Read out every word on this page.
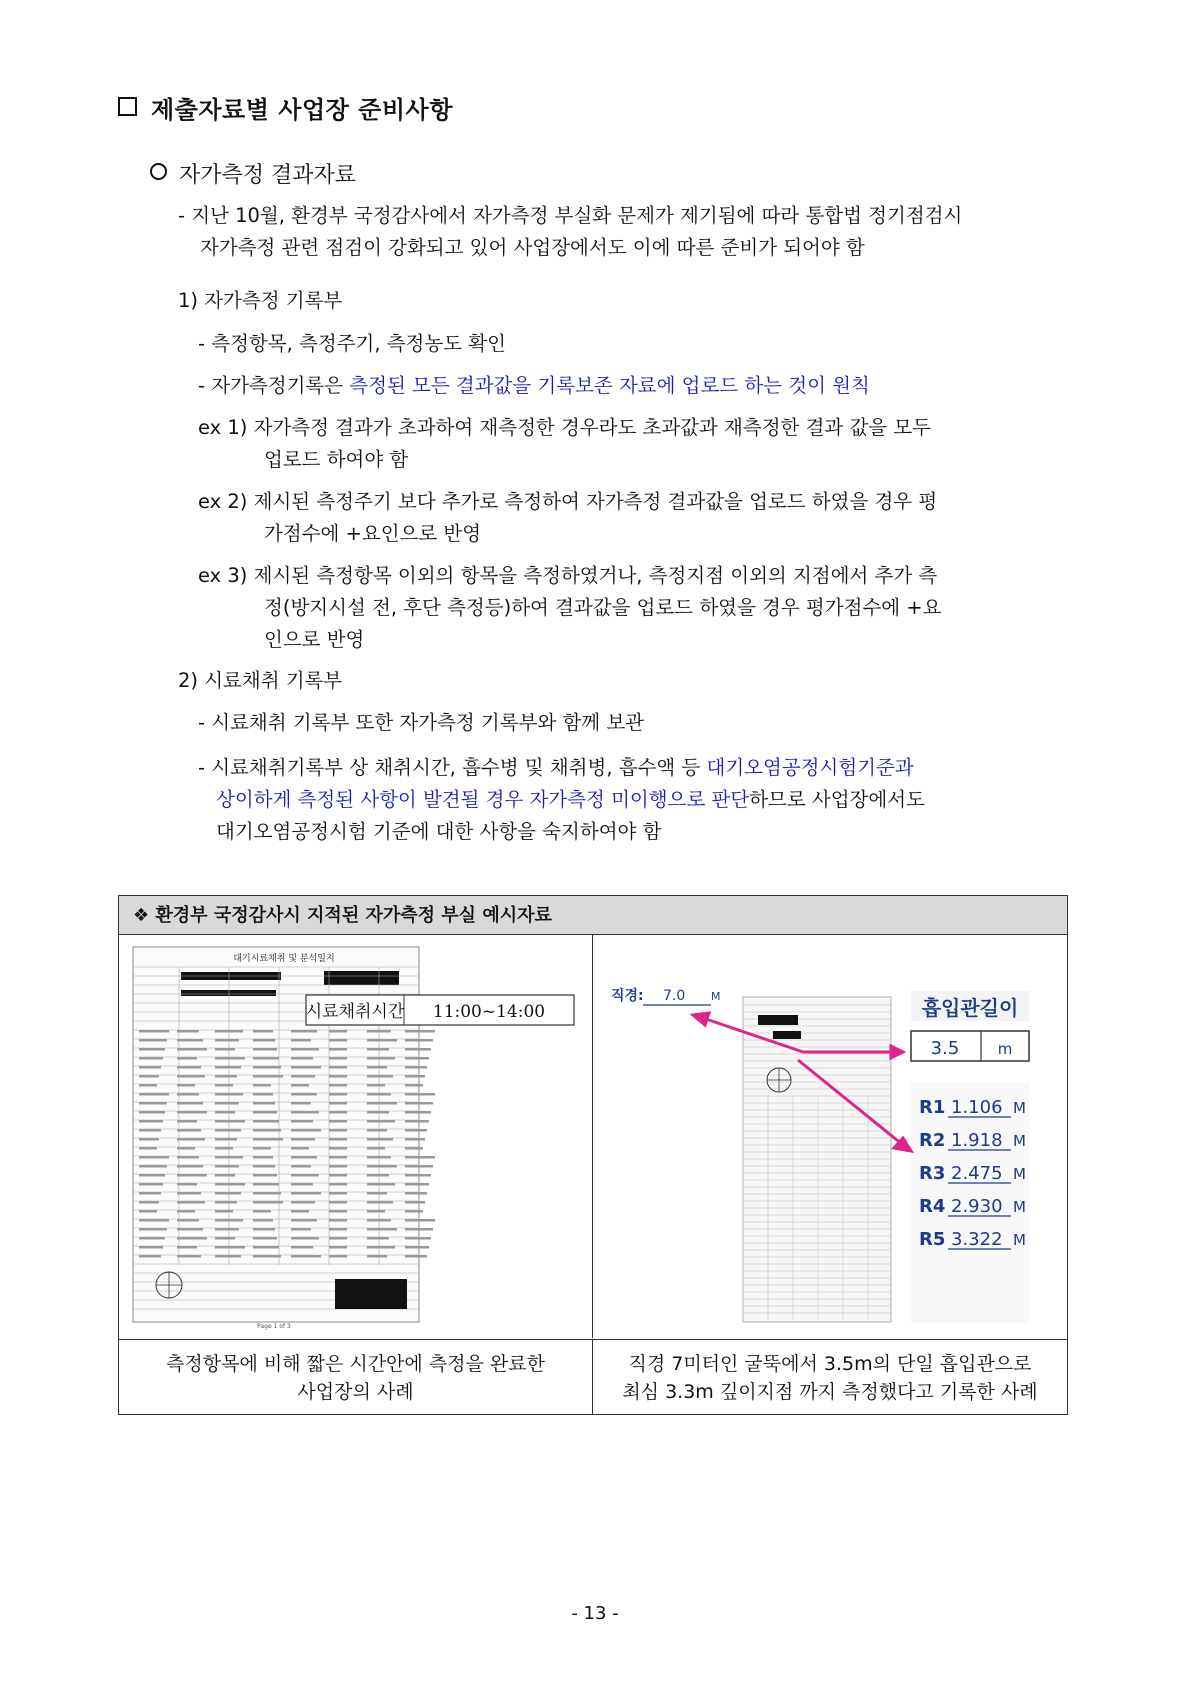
제출자료별 사업장 준비사항
자가측정 결과자료
- 지난 10월, 환경부 국정감사에서 자가측정 부실화 문제가 제기됨에 따라 통합법 정기점검시
자가측정 관련 점검이 강화되고 있어 사업장에서도 이에 따른 준비가 되어야 함
1) 자가측정 기록부
- 측정항목, 측정주기, 측정농도 확인
- 자가측정기록은 측정된 모든 결과값을 기록보존 자료에 업로드 하는 것이 원칙
ex 1) 자가측정 결과가 초과하여 재측정한 경우라도 초과값과 재측정한 결과 값을 모두
업로드 하여야 함
ex 2) 제시된 측정주기 보다 추가로 측정하여 자가측정 결과값을 업로드 하였을 경우 평
가점수에 +요인으로 반영
ex 3) 제시된 측정항목 이외의 항목을 측정하였거나, 측정지점 이외의 지점에서 추가 측
정(방지시설 전, 후단 측정등)하여 결과값을 업로드 하였을 경우 평가점수에 +요
인으로 반영
2) 시료채취 기록부
- 시료채취 기록부 또한 자가측정 기록부와 함께 보관
- 시료채취기록부 상 채취시간, 흡수병 및 채취병, 흡수액 등 대기오염공정시험기준과
상이하게 측정된 사항이 발견될 경우 자가측정 미이행으로 판단하므로 사업장에서도
대기오염공정시험 기준에 대한 사항을 숙지하여야 함
❖ 환경부 국정감사시 지적된 자가측정 부실 예시자료
대기시료채취 및 분석일지
Page 1 of 3
시료채취시간 11:00~14:00
직경: 7.0 M	흡입관길이
3.5	m
R1 1.106 M
R2 1.918 M
R3 2.475 M
R4 2.930 M
R5 3.322 M
측정항목에 비해 짧은 시간안에 측정을 완료한
사업장의 사례
직경 7미터인 굴뚝에서 3.5m의 단일 흡입관으로
최심 3.3m 깊이지점 까지 측정했다고 기록한 사례
- 13 -
